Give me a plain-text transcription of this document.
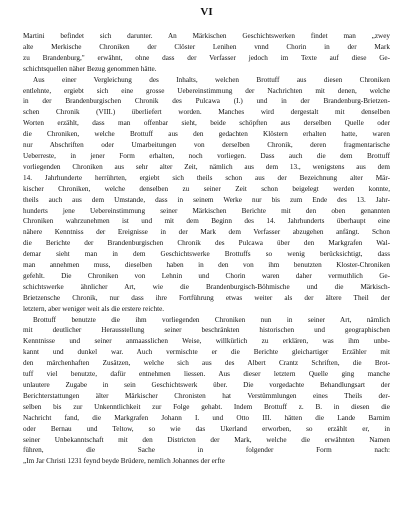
VI
Martini befindet sich darunter. An Märkischen Geschichtswerken findet man „zwey
alte Merkische Chroniken der Clöster Lenihen vnnd Chorin in der Mark
zu Brandenburg," erwähnt, ohne dass der Verfasser jedoch im Texte auf diese Ge-
schichtsquellen näher Bezug genommen hätte.
Aus einer Vergleichung des Inhalts, welchen Brottuff aus diesen Chroniken
entlehnte, ergiebt sich eine grosse Uebereinstimmung der Nachrichten mit denen, welche
in der Brandenburgischen Chronik des Pulcawa (I.) und in der Brandenburg-Brietzen-
schen Chronik (VIII.) überliefert worden. Manches wird dergestalt mit denselben
Worten erzählt, dass man offenbar sieht, beide schöpften aus derselben Quelle oder
die Chroniken, welche Brottuff aus den gedachten Klöstern erhalten hatte, waren
nur Abschriften oder Umarbeitungen von derselben Chronik, deren fragmentarische
Ueberreste, in jener Form erhalten, noch vorliegen. Dass auch die dem Brottuff
vorliegenden Chroniken aus sehr alter Zeit, nämlich aus dem 13., wenigstens aus dem
14. Jahrhunderte herrührten, ergiebt sich theils schon aus der Bezeichnung alter Mär-
kischer Chroniken, welche denselben zu seiner Zeit schon beigelegt werden konnte,
theils auch aus dem Umstande, dass in seinem Werke nur bis zum Ende des 13. Jahr-
hunderts jene Uebereinstimmung seiner Märkischen Berichte mit den oben genannten
Chroniken wahrzunehmen ist und mit dem Beginn des 14. Jahrhunderts überhaupt eine
nähere Kenntniss der Ereignisse in der Mark dem Verfasser abzugehen anfängt. Schon
die Berichte der Brandenburgischen Chronik des Pulcawa über den Markgrafen Wal-
demar sieht man in dem Geschichtswerke Brottuffs so wenig berücksichtigt, dass
man annehmen muss, dieselben haben in den von ihm benutzten Kloster-Chroniken
gefehlt. Die Chroniken von Lehnin und Chorin waren daher vermuthlich Ge-
schichtswerke ähnlicher Art, wie die Brandenburgisch-Böhmische und die Märkisch-
Brietzensche Chronik, nur dass ihre Fortführung etwas weiter als der ältere Theil der
letztern, aber weniger weit als die erstere reichte.
Brottuff benutzte die ihm vorliegenden Chroniken nun in seiner Art, nämlich
mit deutlicher Herausstellung seiner beschränkten historischen und geographischen
Kenntnisse und seiner anmaasslichen Weise, willkürlich zu erklären, was ihm unbe-
kannt und dunkel war. Auch vermischte er die Berichte gleichartiger Erzähler mit
den märchenhaften Zusätzen, welche sich aus des Albert Crantz Schriften, die Brot-
tuff viel benutzte, dafür entnehmen liessen. Aus dieser letztern Quelle ging manche
unlautere Zugabe in sein Geschichtswerk über. Die vorgedachte Behandlungsart der
Berichterstattungen älter Märkischer Chronisten hat Verstümmlungen eines Theils der-
selben bis zur Unkenntlichkeit zur Folge gehabt. Indem Brottuff z. B. in diesen die
Nachricht fand, die Markgrafen Johann I. und Otto III. hätten die Lande Barnim
oder Bernau und Teltow, so wie das Ukerland erworben, so erzählt er, in
seiner Unbekanntschaft mit den Districten der Mark, welche die erwähnten Namen
führen, die Sache in folgender Form nach:
„Im Jar Christi 1231 feynd beyde Brüdere, nemlich Johannes der erfte
